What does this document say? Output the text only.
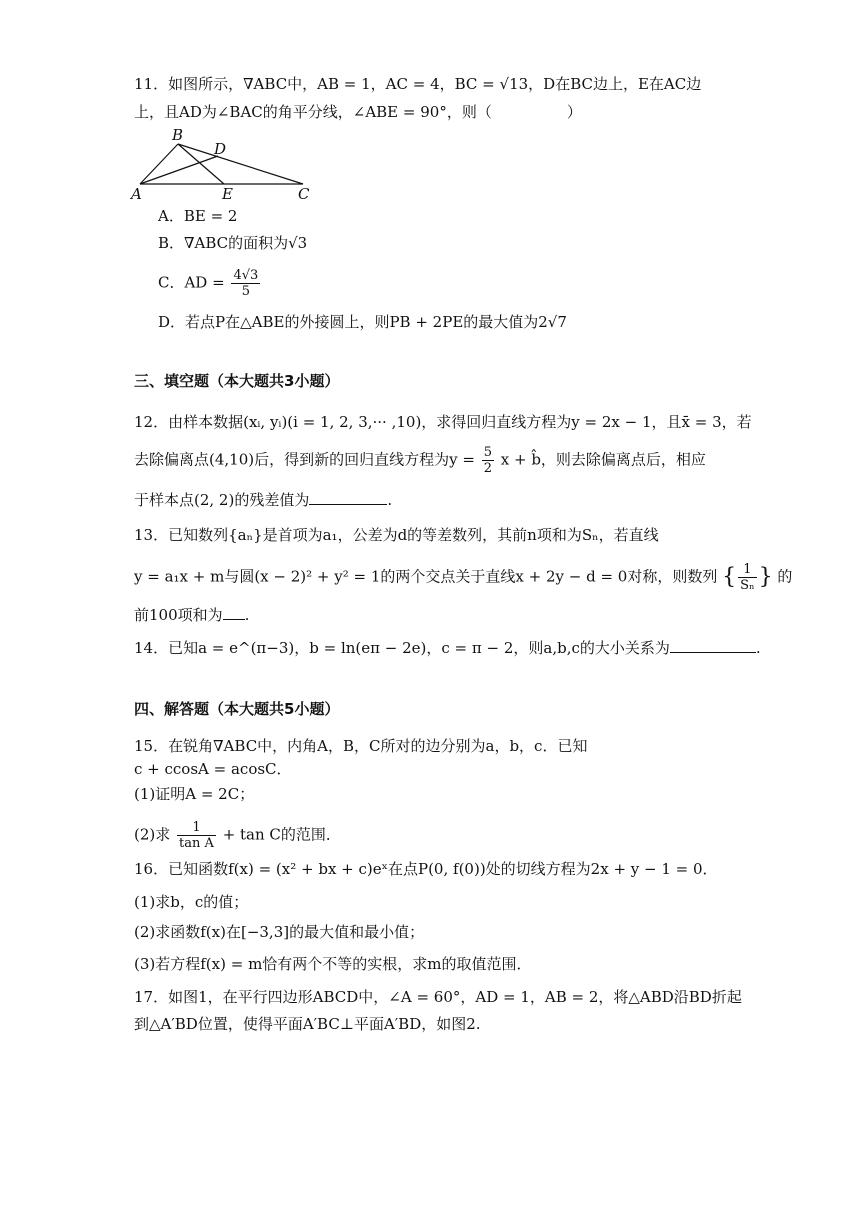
11．如图所示，∇ABC中，AB = 1，AC = 4，BC = √13，D在BC边上，E在AC边
上，且AD为∠BAC的角平分线，∠ABE = 90°，则（　　　　　）
B
D
A	E	C
A．BE = 2
B．∇ABC的面积为√3
C．AD = $\frac{4√3}{5}$
D．若点P在△ABE的外接圆上，则PB + 2PE的最大值为2√7
三、填空题（本大题共3小题）
12．由样本数据(xᵢ, yᵢ)(i = 1, 2, 3,··· ,10)，求得回归直线方程为y = 2x − 1，且x̄ = 3，若
去除偏离点(4,10)后，得到新的回归直线方程为$y = \frac{5}{2}$ x + b̂，则去除偏离点后，相应
于样本点(2, 2)的残差值为	.
13．已知数列{aₙ}是首项为a₁，公差为d的等差数列，其前n项和为Sₙ，若直线
y = a₁x + m与圆(x − 2)² + y² = 1的两个交点关于直线x + 2y − d = 0对称，则数列 { $\frac{1}{\text{Sₙ}}$ } 的
前100项和为 .
14．已知a = e^(π−3)，b = ln(eπ − 2e)，c = π − 2，则a,b,c的大小关系为	.
四、解答题（本大题共5小题）
15．在锐角∇ABC中，内角A，B，C所对的边分别为a，b，c．已知
c + ccosA = acosC．
(1)证明A = 2C；
(2)求 $\frac{1}{\text{tan A}} + \tan C$的范围．
16．已知函数f(x) = (x² + bx + c)eˣ在点P(0, f(0))处的切线方程为2x + y − 1 = 0．
(1)求b，c的值；
(2)求函数f(x)在[−3,3]的最大值和最小值；
(3)若方程f(x) = m恰有两个不等的实根，求m的取值范围．
17．如图1，在平行四边形ABCD中，∠A = 60°，AD = 1，AB = 2，将△ABD沿BD折起
到△A′BD位置，使得平面A′BC⊥平面A′BD，如图2.
